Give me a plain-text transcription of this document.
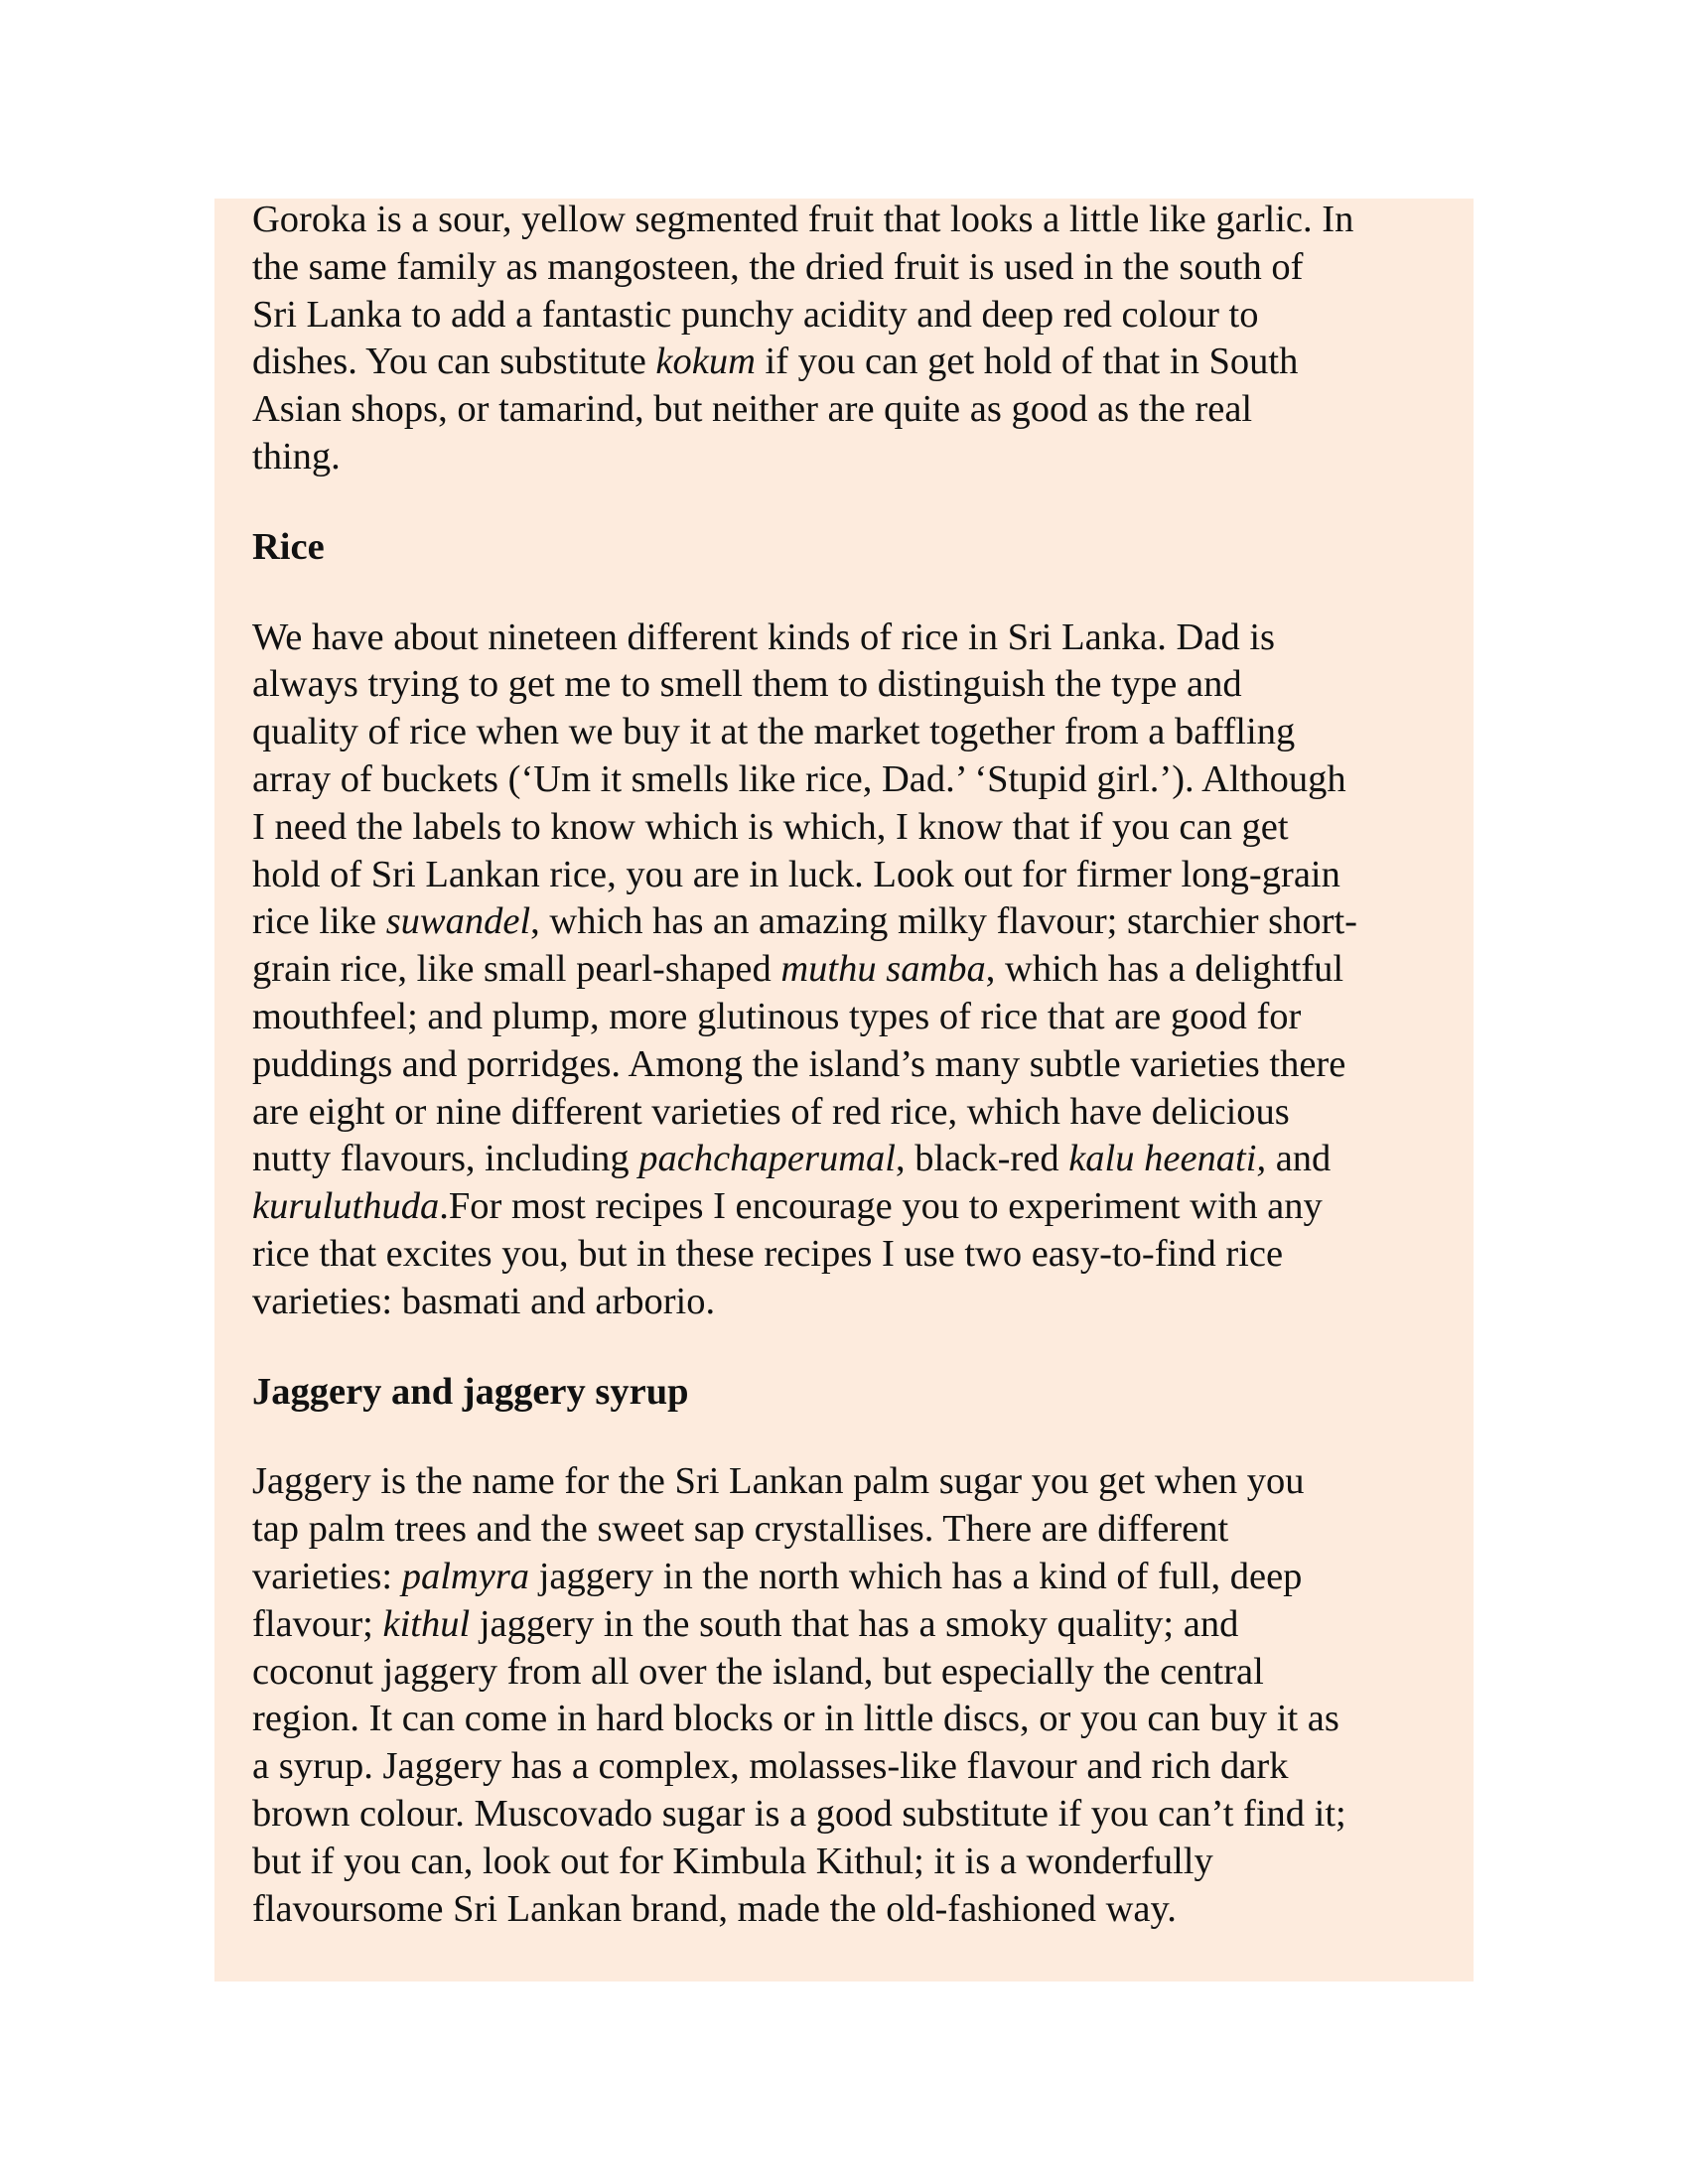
Goroka is a sour, yellow segmented fruit that looks a little like garlic. In
the same family as mangosteen, the dried fruit is used in the south of
Sri Lanka to add a fantastic punchy acidity and deep red colour to
dishes. You can substitute kokum if you can get hold of that in South
Asian shops, or tamarind, but neither are quite as good as the real
thing.

Rice

We have about nineteen different kinds of rice in Sri Lanka. Dad is
always trying to get me to smell them to distinguish the type and
quality of rice when we buy it at the market together from a baffling
array of buckets (‘Um it smells like rice, Dad.’ ‘Stupid girl.’). Although
I need the labels to know which is which, I know that if you can get
hold of Sri Lankan rice, you are in luck. Look out for firmer long-grain
rice like suwandel, which has an amazing milky flavour; starchier short-
grain rice, like small pearl-shaped muthu samba, which has a delightful
mouthfeel; and plump, more glutinous types of rice that are good for
puddings and porridges. Among the island’s many subtle varieties there
are eight or nine different varieties of red rice, which have delicious
nutty flavours, including pachchaperumal, black-red kalu heenati, and
kuruluthuda.For most recipes I encourage you to experiment with any
rice that excites you, but in these recipes I use two easy-to-find rice
varieties: basmati and arborio.

Jaggery and jaggery syrup

Jaggery is the name for the Sri Lankan palm sugar you get when you
tap palm trees and the sweet sap crystallises. There are different
varieties: palmyra jaggery in the north which has a kind of full, deep
flavour; kithul jaggery in the south that has a smoky quality; and
coconut jaggery from all over the island, but especially the central
region. It can come in hard blocks or in little discs, or you can buy it as
a syrup. Jaggery has a complex, molasses-like flavour and rich dark
brown colour. Muscovado sugar is a good substitute if you can’t find it;
but if you can, look out for Kimbula Kithul; it is a wonderfully
flavoursome Sri Lankan brand, made the old-fashioned way.
